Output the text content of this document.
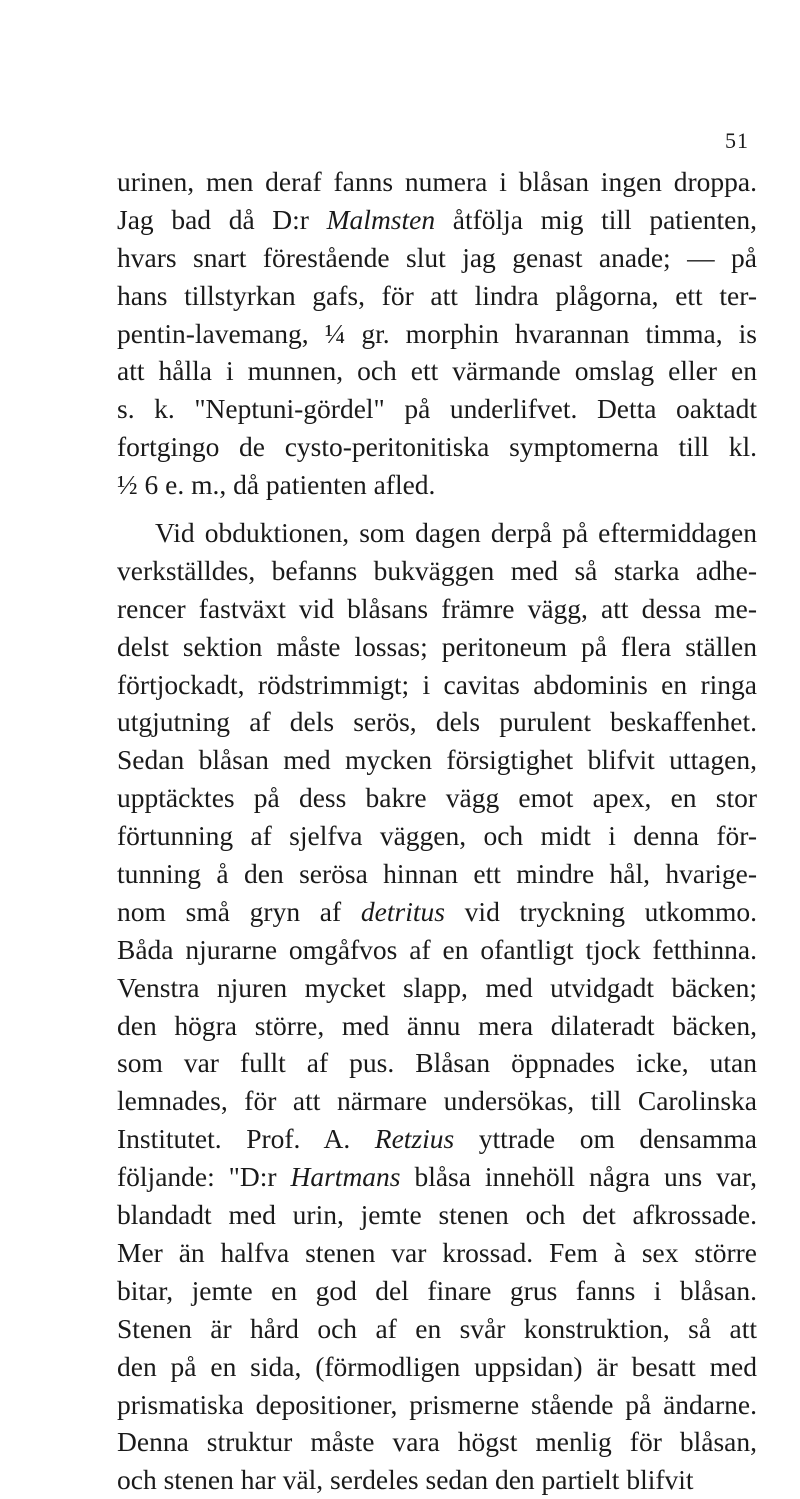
51
urinen, men deraf fanns numera i blåsan ingen droppa.
Jag bad då D:r Malmsten åtfölja mig till patienten,
hvars snart förestående slut jag genast anade; — på
hans tillstyrkan gafs, för att lindra plågorna, ett ter-
pentin-lavemang, ¼ gr. morphin hvarannan timma, is
att hålla i munnen, och ett värmande omslag eller en
s. k. "Neptuni-gördel" på underlifvet. Detta oaktadt
fortgingo de cysto-peritonitiska symptomerna till kl.
½ 6 e. m., då patienten afled.
Vid obduktionen, som dagen derpå på eftermiddagen
verkställdes, befanns bukväggen med så starka adhe-
rencer fastväxt vid blåsans främre vägg, att dessa me-
delst sektion måste lossas; peritoneum på flera ställen
förtjockadt, rödstrimmigt; i cavitas abdominis en ringa
utgjutning af dels serös, dels purulent beskaffenhet.
Sedan blåsan med mycken försigtighet blifvit uttagen,
upptäcktes på dess bakre vägg emot apex, en stor
förtunning af sjelfva väggen, och midt i denna för-
tunning å den serösa hinnan ett mindre hål, hvarige-
nom små gryn af detritus vid tryckning utkommo.
Båda njurarne omgåfvos af en ofantligt tjock fetthinna.
Venstra njuren mycket slapp, med utvidgadt bäcken;
den högra större, med ännu mera dilateradt bäcken,
som var fullt af pus. Blåsan öppnades icke, utan
lemnades, för att närmare undersökas, till Carolinska
Institutet. Prof. A. Retzius yttrade om densamma
följande: "D:r Hartmans blåsa innehöll några uns var,
blandadt med urin, jemte stenen och det afkrossade.
Mer än halfva stenen var krossad. Fem à sex större
bitar, jemte en god del finare grus fanns i blåsan.
Stenen är hård och af en svår konstruktion, så att
den på en sida, (förmodligen uppsidan) är besatt med
prismatiska depositioner, prismerne stående på ändarne.
Denna struktur måste vara högst menlig för blåsan,
och stenen har väl, serdeles sedan den partielt blifvit
